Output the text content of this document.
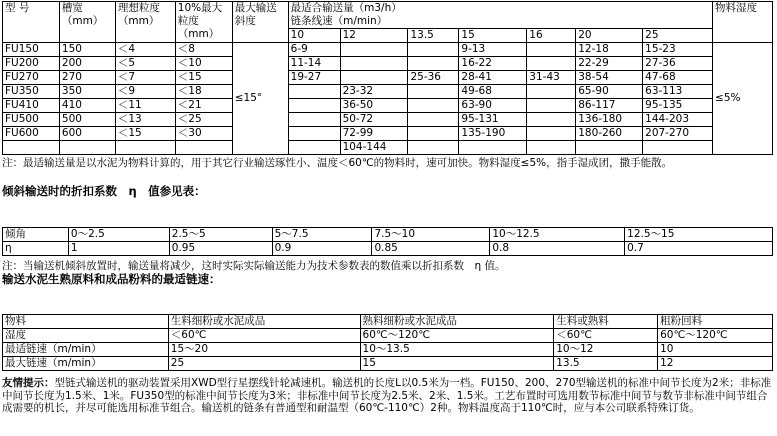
型 号	槽宽（mm）	理想粒度（mm）	10%最大粒度（mm）	最大输送斜度	最适合输送量（m3/h）							物料湿度
					链条线速（m/min）							
					10	12	13.5	15	16	20	25	
FU150	150	＜4	＜8	≤15°	6-9			9-13		12-18	15-23	≤5%
FU200	200	＜5	＜10		11-14			16-22		22-29	27-36	
FU270	270	＜7	＜15		19-27		25-36	28-41	31-43	38-54	47-68	
FU350	350	＜9	＜18			23-32		49-68		65-90	63-113	
FU410	410	＜11	＜21			36-50		63-90		86-117	95-135	
FU500	500	＜13	＜25			50-72		95-131		136-180	144-203	
FU600	600	＜15	＜30			72-99		135-190		180-260	207-270	
						104-144						
注：最适输送量是以水泥为物料计算的，用于其它行业输送琢性小、温度＜60℃的物料时，速可加快。物料湿度≤5%，指手湿成团，撒手能散。
倾斜输送时的折扣系数　η　值参见表：
倾角	0～2.5	2.5～5	5～7.5	7.5～10	10～12.5	12.5～15
η	1	0.95	0.9	0.85	0.8	0.7
注：当输送机倾斜放置时，输送量将减少，这时实际实际输送能力为技术参数表的数值乘以折扣系数　η 值。
输送水泥生熟原料和成品粉料的最适链速：
物料	生料细粉或水泥成品	熟料细粉或水泥成品	生料或熟料	粗粉回料
湿度	＜60℃	60℃～120℃	＜60℃	60℃～120℃
最适链速（m/min）	15～20	10～13.5	10～12	10
最大链速（m/min）	25	15	13.5	12
友情提示：型链式输送机的驱动装置采用XWD型行星摆线针轮减速机。输送机的长度L以0.5米为一档。FU150、200、270型输送机的标准中间节长度为2米；非标准中间节长度为1.5米、1米。FU350型的标准中间节长度为3米；非标准中间节长度为2.5米、2米、1.5米。工艺布置时可选用数节标准中间节与数节非标准中间节组合成需要的机长，并尽可能选用标准节组合。输送机的链条有普通型和耐温型（60℃-110℃）2种。物料温度高于110℃时，应与本公司联系特殊订货。
